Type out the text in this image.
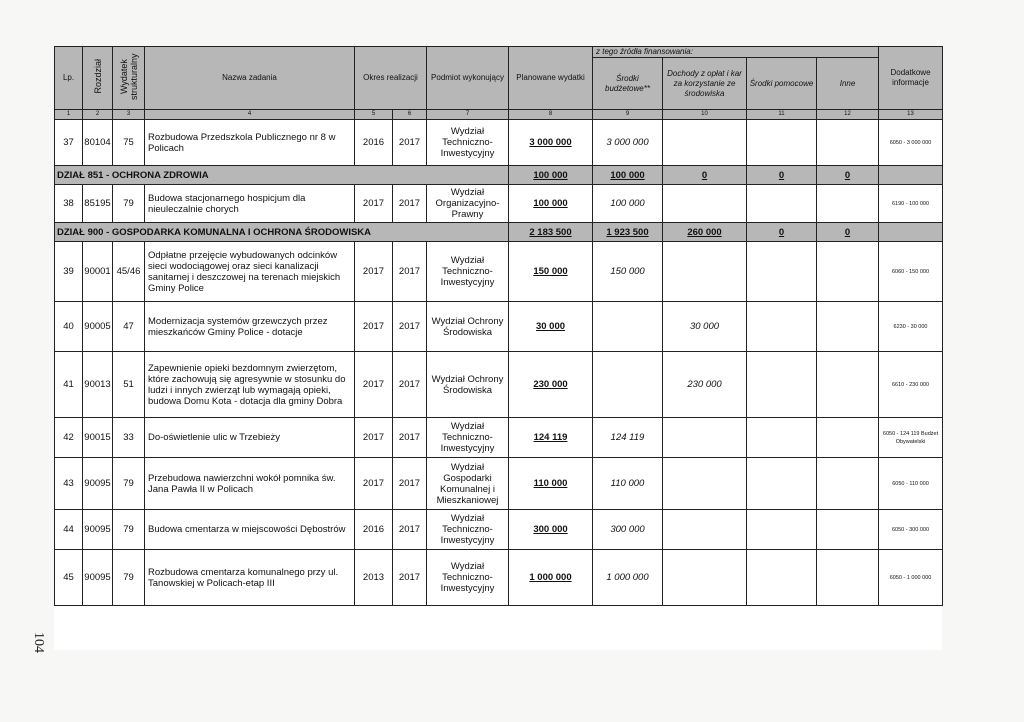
Lp.	Rozdział	Wydatek strukturalny	Nazwa zadania	Okres realizacji		Podmiot wykonujący	Planowane wydatki	z tego źródła finansowania:				Dodatkowe informacje
								Środki budżetowe**	Dochody z opłat i kar za korzystanie ze środowiska	Środki pomocowe	Inne	
1	2	3	4	5	6	7	8	9	10	11	12	13
37	80104	75	Rozbudowa Przedszkola Publicznego nr 8 w Policach	2016	2017	Wydział Techniczno-Inwestycyjny	3 000 000	3 000 000				6050 - 3 000 000
DZIAŁ 851 - OCHRONA ZDROWIA							100 000	100 000	0	0	0	
38	85195	79	Budowa stacjonarnego hospicjum dla nieuleczalnie chorych	2017	2017	Wydział Organizacyjno-Prawny	100 000	100 000				6190 - 100 000
DZIAŁ 900 - GOSPODARKA KOMUNALNA I OCHRONA ŚRODOWISKA							2 183 500	1 923 500	260 000	0	0	
39	90001	45/46	Odpłatne przejęcie wybudowanych odcinków sieci wodociągowej oraz sieci kanalizacji sanitarnej i deszczowej na terenach miejskich Gminy Police	2017	2017	Wydział Techniczno-Inwestycyjny	150 000	150 000				6060 - 150 000
40	90005	47	Modernizacja systemów grzewczych przez mieszkańców Gminy Police - dotacje	2017	2017	Wydział Ochrony Środowiska	30 000		30 000			6230 - 30 000
41	90013	51	Zapewnienie opieki bezdomnym zwierzętom, które zachowują się agresywnie w stosunku do ludzi i innych zwierząt lub wymagają opieki, budowa Domu Kota - dotacja dla gminy Dobra	2017	2017	Wydział Ochrony Środowiska	230 000		230 000			6610 - 230 000
42	90015	33	Do-oświetlenie ulic w Trzebieży	2017	2017	Wydział Techniczno-Inwestycyjny	124 119	124 119				6050 - 124 119 Budżet Obywatelski
43	90095	79	Przebudowa nawierzchni wokół pomnika św. Jana Pawła II w Policach	2017	2017	Wydział Gospodarki Komunalnej i Mieszkaniowej	110 000	110 000				6050 - 110 000
44	90095	79	Budowa cmentarza w miejscowości Dębostrów	2016	2017	Wydział Techniczno-Inwestycyjny	300 000	300 000				6050 - 300 000
45	90095	79	Rozbudowa cmentarza komunalnego przy ul. Tanowskiej w Policach-etap III	2013	2017	Wydział Techniczno-Inwestycyjny	1 000 000	1 000 000				6050 - 1 000 000
104
